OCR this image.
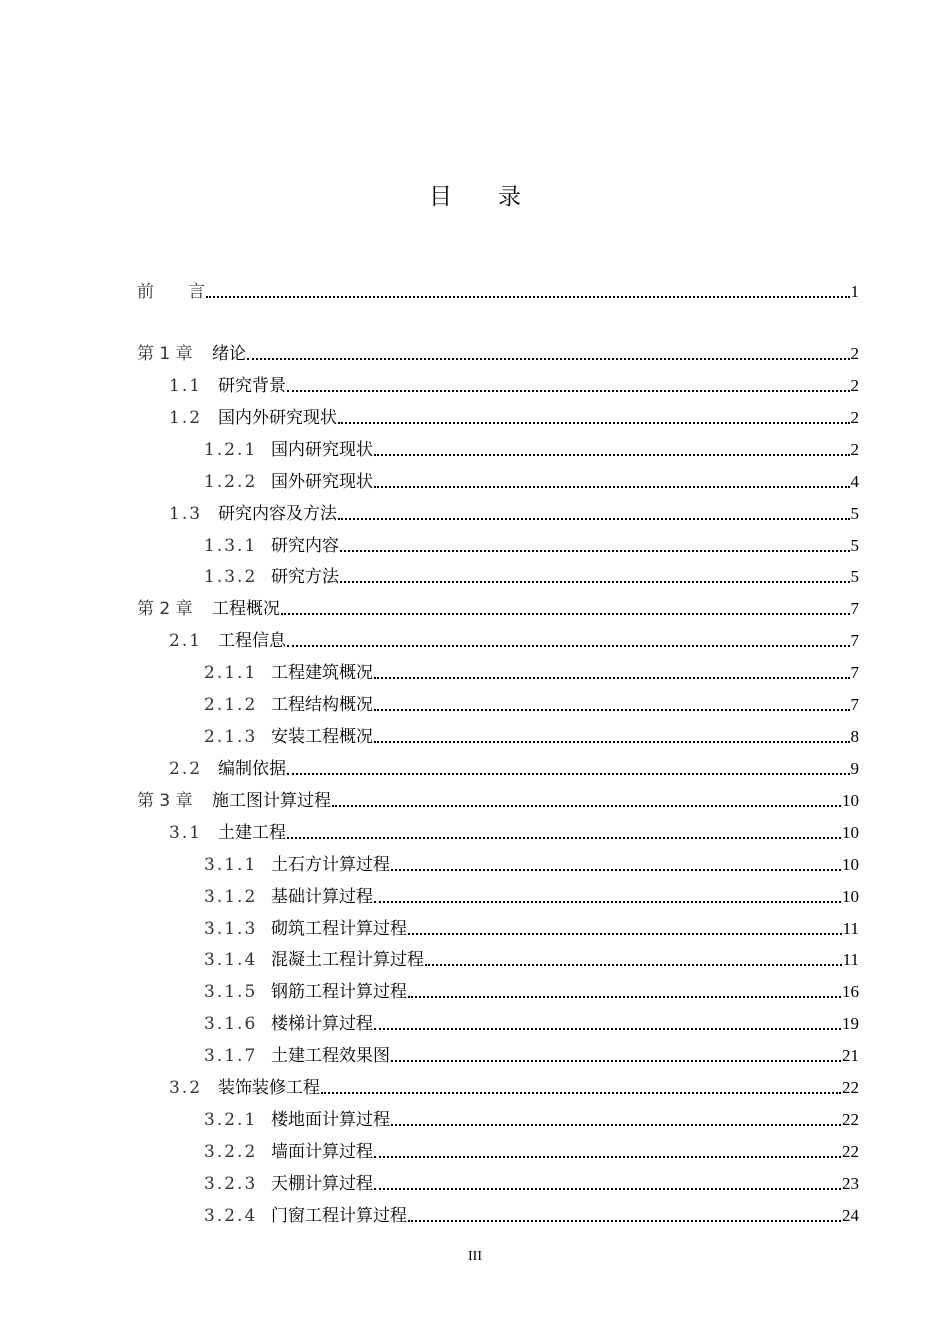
目　　录
前　　言	1
第 1 章	绪论	2
1.1 研究背景	2
1.2 国内外研究现状	2
1.2.1 国内研究现状	2
1.2.2 国外研究现状	4
1.3 研究内容及方法	5
1.3.1 研究内容	5
1.3.2 研究方法	5
第 2 章	工程概况	7
2.1 工程信息	7
2.1.1 工程建筑概况	7
2.1.2 工程结构概况	7
2.1.3 安装工程概况	8
2.2 编制依据	9
第 3 章	施工图计算过程	10
3.1 土建工程	10
3.1.1 土石方计算过程	10
3.1.2 基础计算过程	10
3.1.3 砌筑工程计算过程	11
3.1.4 混凝土工程计算过程	11
3.1.5 钢筋工程计算过程	16
3.1.6 楼梯计算过程	19
3.1.7 土建工程效果图	21
3.2 装饰装修工程	22
3.2.1 楼地面计算过程	22
3.2.2 墙面计算过程	22
3.2.3 天棚计算过程	23
3.2.4 门窗工程计算过程	24
III
